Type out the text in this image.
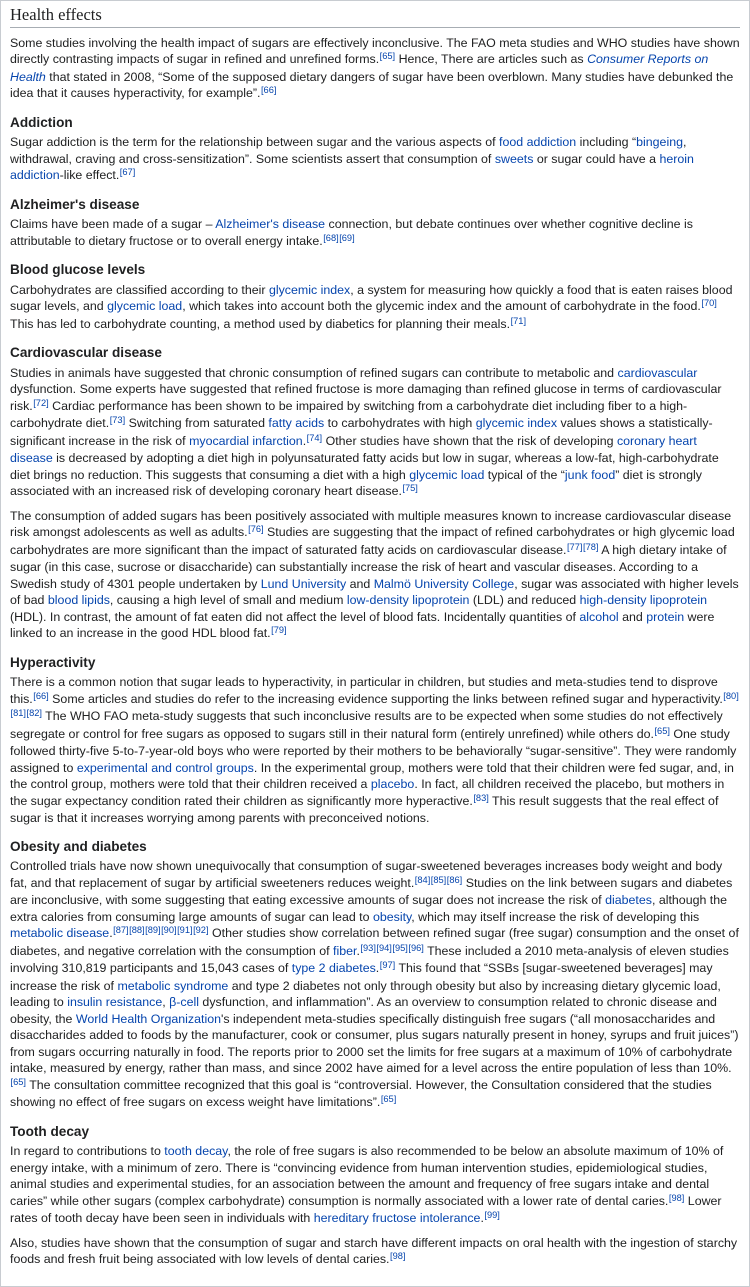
Health effects

Some studies involving the health impact of sugars are effectively inconclusive. The FAO meta studies and WHO studies have shown directly contrasting impacts of sugar in refined and unrefined forms.[65] Hence, There are articles such as Consumer Reports on Health that stated in 2008, “Some of the supposed dietary dangers of sugar have been overblown. Many studies have debunked the idea that it causes hyperactivity, for example”.[66]

Addiction

Sugar addiction is the term for the relationship between sugar and the various aspects of food addiction including “bingeing, withdrawal, craving and cross-sensitization”. Some scientists assert that consumption of sweets or sugar could have a heroin addiction-like effect.[67]

Alzheimer's disease

Claims have been made of a sugar – Alzheimer's disease connection, but debate continues over whether cognitive decline is attributable to dietary fructose or to overall energy intake.[68][69]

Blood glucose levels

Carbohydrates are classified according to their glycemic index, a system for measuring how quickly a food that is eaten raises blood sugar levels, and glycemic load, which takes into account both the glycemic index and the amount of carbohydrate in the food.[70] This has led to carbohydrate counting, a method used by diabetics for planning their meals.[71]

Cardiovascular disease

Studies in animals have suggested that chronic consumption of refined sugars can contribute to metabolic and cardiovascular dysfunction. Some experts have suggested that refined fructose is more damaging than refined glucose in terms of cardiovascular risk.[72] Cardiac performance has been shown to be impaired by switching from a carbohydrate diet including fiber to a high-carbohydrate diet.[73] Switching from saturated fatty acids to carbohydrates with high glycemic index values shows a statistically-significant increase in the risk of myocardial infarction.[74] Other studies have shown that the risk of developing coronary heart disease is decreased by adopting a diet high in polyunsaturated fatty acids but low in sugar, whereas a low-fat, high-carbohydrate diet brings no reduction. This suggests that consuming a diet with a high glycemic load typical of the “junk food” diet is strongly associated with an increased risk of developing coronary heart disease.[75]

The consumption of added sugars has been positively associated with multiple measures known to increase cardiovascular disease risk amongst adolescents as well as adults.[76] Studies are suggesting that the impact of refined carbohydrates or high glycemic load carbohydrates are more significant than the impact of saturated fatty acids on cardiovascular disease.[77][78] A high dietary intake of sugar (in this case, sucrose or disaccharide) can substantially increase the risk of heart and vascular diseases. According to a Swedish study of 4301 people undertaken by Lund University and Malmö University College, sugar was associated with higher levels of bad blood lipids, causing a high level of small and medium low-density lipoprotein (LDL) and reduced high-density lipoprotein (HDL). In contrast, the amount of fat eaten did not affect the level of blood fats. Incidentally quantities of alcohol and protein were linked to an increase in the good HDL blood fat.[79]

Hyperactivity

There is a common notion that sugar leads to hyperactivity, in particular in children, but studies and meta-studies tend to disprove this.[66] Some articles and studies do refer to the increasing evidence supporting the links between refined sugar and hyperactivity.[80][81][82] The WHO FAO meta-study suggests that such inconclusive results are to be expected when some studies do not effectively segregate or control for free sugars as opposed to sugars still in their natural form (entirely unrefined) while others do.[65] One study followed thirty-five 5-to-7-year-old boys who were reported by their mothers to be behaviorally “sugar-sensitive”. They were randomly assigned to experimental and control groups. In the experimental group, mothers were told that their children were fed sugar, and, in the control group, mothers were told that their children received a placebo. In fact, all children received the placebo, but mothers in the sugar expectancy condition rated their children as significantly more hyperactive.[83] This result suggests that the real effect of sugar is that it increases worrying among parents with preconceived notions.

Obesity and diabetes

Controlled trials have now shown unequivocally that consumption of sugar-sweetened beverages increases body weight and body fat, and that replacement of sugar by artificial sweeteners reduces weight.[84][85][86] Studies on the link between sugars and diabetes are inconclusive, with some suggesting that eating excessive amounts of sugar does not increase the risk of diabetes, although the extra calories from consuming large amounts of sugar can lead to obesity, which may itself increase the risk of developing this metabolic disease.[87][88][89][90][91][92] Other studies show correlation between refined sugar (free sugar) consumption and the onset of diabetes, and negative correlation with the consumption of fiber.[93][94][95][96] These included a 2010 meta-analysis of eleven studies involving 310,819 participants and 15,043 cases of type 2 diabetes.[97] This found that “SSBs [sugar-sweetened beverages] may increase the risk of metabolic syndrome and type 2 diabetes not only through obesity but also by increasing dietary glycemic load, leading to insulin resistance, β-cell dysfunction, and inflammation”. As an overview to consumption related to chronic disease and obesity, the World Health Organization's independent meta-studies specifically distinguish free sugars (“all monosaccharides and disaccharides added to foods by the manufacturer, cook or consumer, plus sugars naturally present in honey, syrups and fruit juices”) from sugars occurring naturally in food. The reports prior to 2000 set the limits for free sugars at a maximum of 10% of carbohydrate intake, measured by energy, rather than mass, and since 2002 have aimed for a level across the entire population of less than 10%.[65] The consultation committee recognized that this goal is “controversial. However, the Consultation considered that the studies showing no effect of free sugars on excess weight have limitations”.[65]

Tooth decay

In regard to contributions to tooth decay, the role of free sugars is also recommended to be below an absolute maximum of 10% of energy intake, with a minimum of zero. There is “convincing evidence from human intervention studies, epidemiological studies, animal studies and experimental studies, for an association between the amount and frequency of free sugars intake and dental caries” while other sugars (complex carbohydrate) consumption is normally associated with a lower rate of dental caries.[98] Lower rates of tooth decay have been seen in individuals with hereditary fructose intolerance.[99]

Also, studies have shown that the consumption of sugar and starch have different impacts on oral health with the ingestion of starchy foods and fresh fruit being associated with low levels of dental caries.[98]
